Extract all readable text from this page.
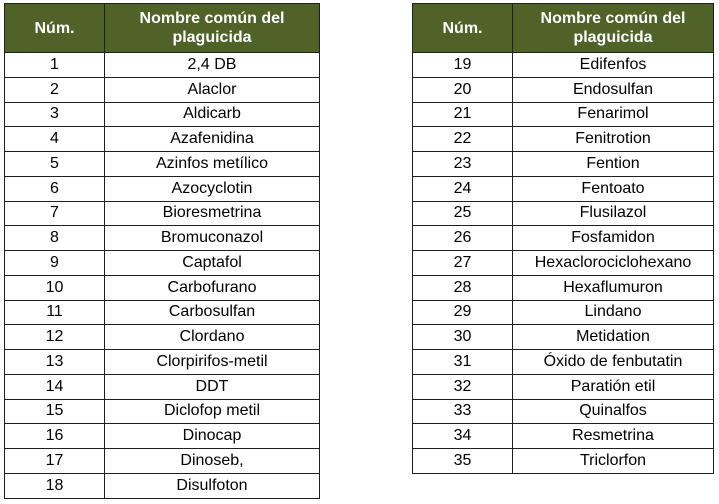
Núm.	Nombre común del plaguicida
1	2,4 DB
2	Alaclor
3	Aldicarb
4	Azafenidina
5	Azinfos metílico
6	Azocyclotin
7	Bioresmetrina
8	Bromuconazol
9	Captafol
10	Carbofurano
11	Carbosulfan
12	Clordano
13	Clorpirifos-metil
14	DDT
15	Diclofop metil
16	Dinocap
17	Dinoseb,
18	Disulfoton
Núm.	Nombre común del plaguicida
19	Edifenfos
20	Endosulfan
21	Fenarimol
22	Fenitrotion
23	Fention
24	Fentoato
25	Flusilazol
26	Fosfamidon
27	Hexaclorociclohexano
28	Hexaflumuron
29	Lindano
30	Metidation
31	Óxido de fenbutatin
32	Paratión etil
33	Quinalfos
34	Resmetrina
35	Triclorfon
